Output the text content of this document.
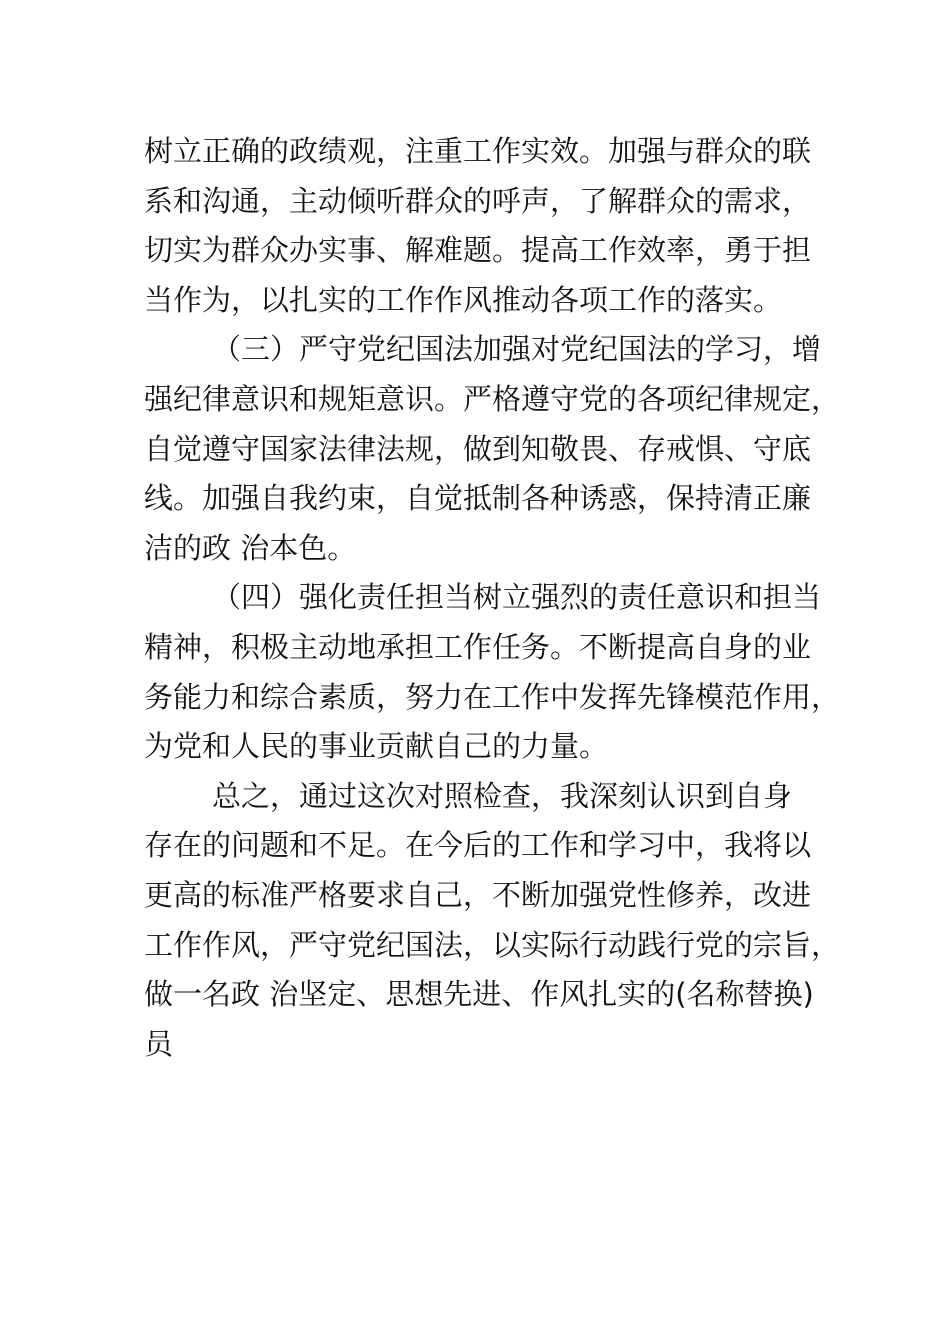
树立正确的政绩观，注重工作实效。加强与群众的联
系和沟通，主动倾听群众的呼声，了解群众的需求，
切实为群众办实事、解难题。提高工作效率，勇于担
当作为，以扎实的工作作风推动各项工作的落实。
（三）严守党纪国法加强对党纪国法的学习，增
强纪律意识和规矩意识。严格遵守党的各项纪律规定，
自觉遵守国家法律法规，做到知敬畏、存戒惧、守底
线。加强自我约束，自觉抵制各种诱惑，保持清正廉
洁的政 治本色。
（四）强化责任担当树立强烈的责任意识和担当
精神，积极主动地承担工作任务。不断提高自身的业
务能力和综合素质，努力在工作中发挥先锋模范作用，
为党和人民的事业贡献自己的力量。
总之，通过这次对照检查，我深刻认识到自身
存在的问题和不足。在今后的工作和学习中，我将以
更高的标准严格要求自己，不断加强党性修养，改进
工作作风，严守党纪国法，以实际行动践行党的宗旨，
做一名政 治坚定、思想先进、作风扎实的(名称替换)
员
